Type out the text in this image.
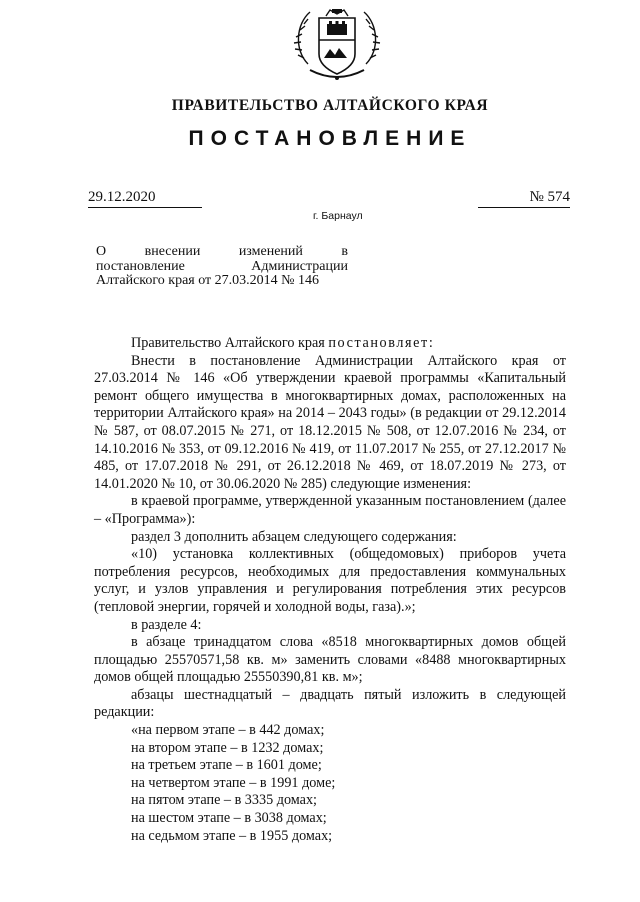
ПРАВИТЕЛЬСТВО АЛТАЙСКОГО КРАЯ
ПОСТАНОВЛЕНИЕ
29.12.2020	№ 574
г. Барнаул
О внесении изменений в
постановление Администрации
Алтайского края от 27.03.2014 № 146

Правительство Алтайского края постановляет:

Внести в постановление Администрации Алтайского края от 27.03.2014 № 146 «Об утверждении краевой программы «Капитальный ремонт общего имущества в многоквартирных домах, расположенных на территории Алтайского края» на 2014 – 2043 годы» (в редакции от 29.12.2014 № 587, от 08.07.2015 № 271, от 18.12.2015 № 508, от 12.07.2016 № 234, от 14.10.2016 № 353, от 09.12.2016 № 419, от 11.07.2017 № 255, от 27.12.2017 № 485, от 17.07.2018 № 291, от 26.12.2018 № 469, от 18.07.2019 № 273, от 14.01.2020 № 10, от 30.06.2020 № 285) следующие изменения:

в краевой программе, утвержденной указанным постановлением (далее – «Программа»):

раздел 3 дополнить абзацем следующего содержания:

«10) установка коллективных (общедомовых) приборов учета потребления ресурсов, необходимых для предоставления коммунальных услуг, и узлов управления и регулирования потребления этих ресурсов (тепловой энергии, горячей и холодной воды, газа).»;

в разделе 4:

в абзаце тринадцатом слова «8518 многоквартирных домов общей площадью 25570571,58 кв. м» заменить словами «8488 многоквартирных домов общей площадью 25550390,81 кв. м»;

абзацы шестнадцатый – двадцать пятый изложить в следующей редакции:

«на первом этапе – в 442 домах;
на втором этапе – в 1232 домах;
на третьем этапе – в 1601 доме;
на четвертом этапе – в 1991 доме;
на пятом этапе – в 3335 домах;
на шестом этапе – в 3038 домах;
на седьмом этапе – в 1955 домах;
